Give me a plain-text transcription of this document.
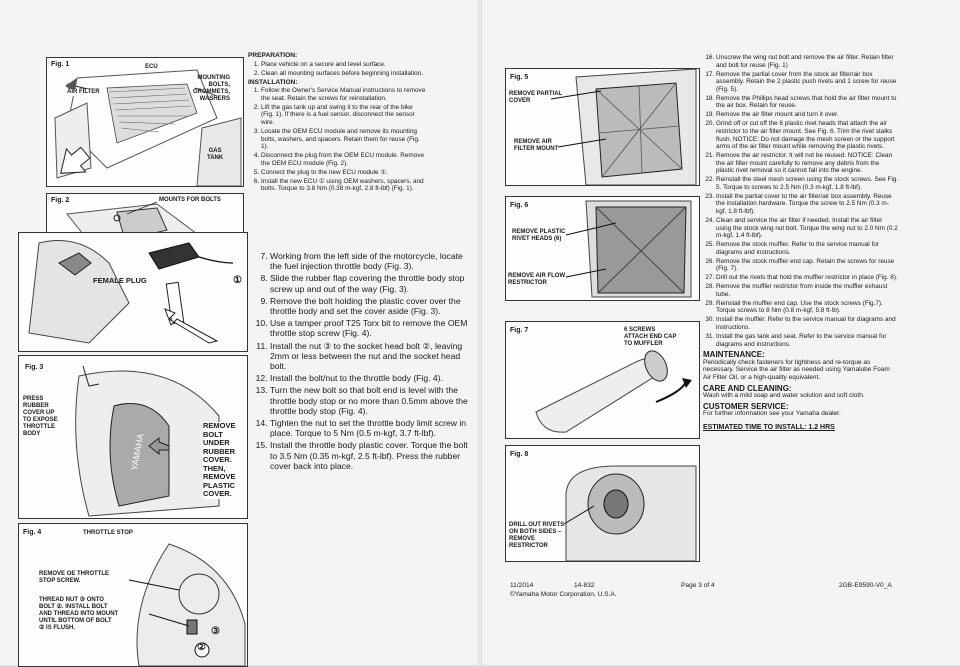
Fig. 1	ECU
AIR FILTER
MOUNTING
BOLTS,
GROMMETS,
WASHERS
GAS
TANK
Fig. 2	MOUNTS FOR BOLTS
FEMALE PLUG	①
YAMAHA
Fig. 3
PRESS
RUBBER
COVER UP
TO EXPOSE
THROTTLE
BODY
REMOVE
BOLT
UNDER
RUBBER
COVER.
THEN,
REMOVE
PLASTIC
COVER.
Fig. 4	THROTTLE STOP
REMOVE OE THROTTLE
STOP SCREW.
THREAD NUT ③ ONTO
BOLT ②. INSTALL BOLT
AND THREAD INTO MOUNT
UNTIL BOTTOM OF BOLT
② IS FLUSH.	③
②
PREPARATION:
1. Place vehicle on a secure and level surface.
2. Clean all mounting surfaces before beginning installation.
INSTALLATION:
1. Follow the Owner's Service Manual instructions to remove the seat. Retain the screws for reinstallation.
2. Lift the gas tank up and swing it to the rear of the bike (Fig. 1). If there is a fuel sensor, disconnect the sensor wire.
3. Locate the OEM ECU module and remove its mounting bolts, washers, and spacers. Retain them for reuse (Fig. 1).
4. Disconnect the plug from the OEM ECU module. Remove the OEM ECU module (Fig. 2).
5. Connect the plug to the new ECU module ①.
6. Install the new ECU ① using OEM washers, spacers, and bolts. Torque to 3.8 Nm (0.38 m-kgf, 2.8 ft-lbf) (Fig. 1).
7. Working from the left side of the motorcycle, locate the fuel injection throttle body (Fig. 3).
8. Slide the rubber flap covering the throttle body stop screw up and out of the way (Fig. 3).
9. Remove the bolt holding the plastic cover over the throttle body and set the cover aside (Fig. 3).
10. Use a tamper proof T25 Torx bit to remove the OEM throttle stop screw (Fig. 4).
11. Install the nut ③ to the socket head bolt ②, leaving 2mm or less between the nut and the socket head bolt.
12. Install the bolt/nut to the throttle body (Fig. 4).
13. Turn the new bolt so that bolt end is level with the throttle body stop or no more than 0.5mm above the throttle body stop (Fig. 4).
14. Tighten the nut to set the throttle body limit screw in place. Torque to 5 Nm (0.5 m-kgf, 3.7 ft-lbf).
15. Install the throttle body plastic cover. Torque the bolt to 3.5 Nm (0.35 m-kgf, 2.5 ft-lbf). Press the rubber cover back into place.
Fig. 5
REMOVE PARTIAL
COVER
REMOVE AIR
FILTER MOUNT
Fig. 6
REMOVE PLASTIC
RIVET HEADS (6)
REMOVE AIR FLOW
RESTRICTOR
Fig. 7	6 SCREWS
ATTACH END CAP
TO MUFFLER
Fig. 8
DRILL OUT RIVETS
ON BOTH SIDES –
REMOVE
RESTRICTOR
16. Unscrew the wing nut bolt and remove the air filter. Retain filter and bolt for reuse (Fig. 1)
17. Remove the partial cover from the stock air filter/air box assembly. Retain the 2 plastic push rivets and 1 screw for reuse (Fig. 5).
18. Remove the Phillips head screws that hold the air filter mount to the air box. Retain for reuse.
19. Remove the air filter mount and turn it over.
20. Grind off or cut off the 6 plastic rivet heads that attach the air restrictor to the air filter mount. See Fig. 6. Trim the rivet stalks flush. NOTICE: Do not damage the mesh screen or the support arms of the air filter mount while removing the plastic rivets.
21. Remove the air restrictor. It will not be reused. NOTICE: Clean the air filter mount carefully to remove any debris from the plastic rivet removal so it cannot fall into the engine.
22. Reinstall the steel mesh screen using the stock screws. See Fig. 5. Torque to screws to 2.5 Nm (0.3 m-kgf, 1.8 ft-lbf).
23. Install the partial cover to the air filter/air box assembly. Reuse the installation hardware. Torque the screw to 2.5 Nm (0.3 m-kgf, 1.8 ft-lbf).
24. Clean and service the air filter if needed. Install the air filter using the stock wing nut bolt. Torque the wing nut to 2.0 Nm (0.2 m-kgf, 1.4 ft-lbf).
25. Remove the stock muffler. Refer to the service manual for diagrams and instructions.
26. Remove the stock muffler end cap. Retain the screws for reuse (Fig. 7).
27. Drill out the rivets that hold the muffler restrictor in place (Fig. 8).
28. Remove the muffler restrictor from inside the muffler exhaust tube.
29. Reinstall the muffler end cap. Use the stock screws (Fig.7). Torque screws to 8 Nm (0.8 m-kgf, 5.8 ft-lb).
30. Install the muffler. Refer to the service manual for diagrams and instructions.
31. Install the gas tank and seat. Refer to the service manual for diagrams and instructions.
MAINTENANCE:
Periodically check fasteners for tightness and re-torque as necessary. Service the air filter as needed using Yamalube Foam Air Filter Oil, or a high-quality equivalent.
CARE AND CLEANING:
Wash with a mild soap and water solution and soft cloth.
CUSTOMER SERVICE:
For further information see your Yamaha dealer.
ESTIMATED TIME TO INSTALL: 1.2 HRS
11/2014	14-832
©Yamaha Motor Corporation, U.S.A.
Page 3 of 4	2GB-E9590-V0_A
